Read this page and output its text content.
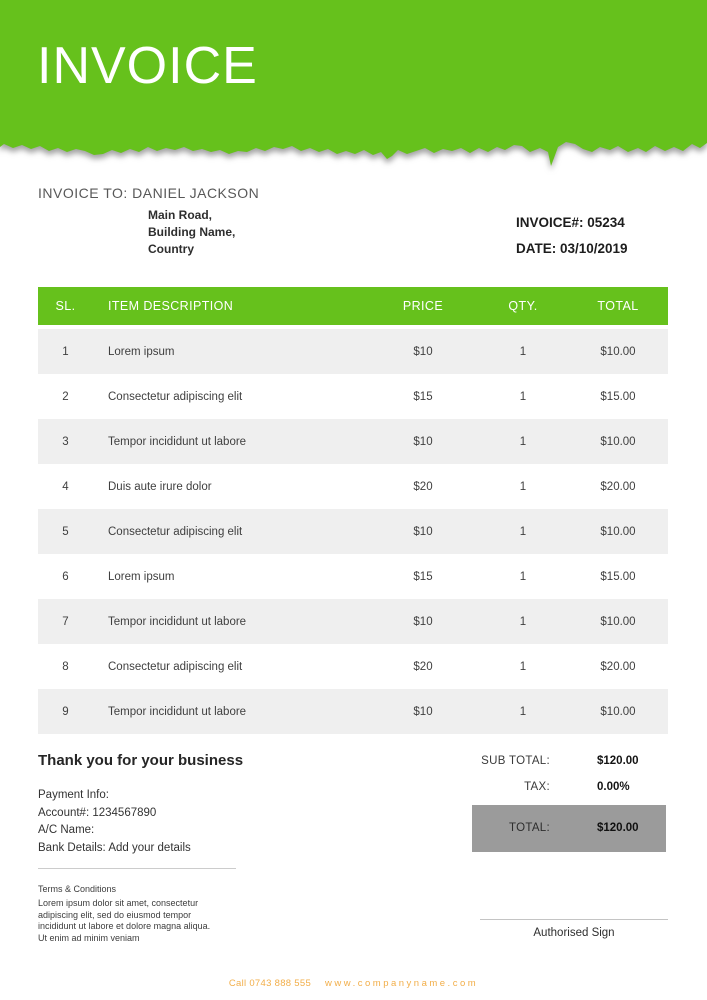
INVOICE
INVOICE TO: DANIEL JACKSON
Main Road,
Building Name,
Country
INVOICE#: 05234
DATE: 03/10/2019
SL.	ITEM DESCRIPTION	PRICE	QTY.	TOTAL
1	Lorem ipsum	$10	1	$10.00
2	Consectetur adipiscing elit	$15	1	$15.00
3	Tempor incididunt ut labore	$10	1	$10.00
4	Duis aute irure dolor	$20	1	$20.00
5	Consectetur adipiscing elit	$10	1	$10.00
6	Lorem ipsum	$15	1	$15.00
7	Tempor incididunt ut labore	$10	1	$10.00
8	Consectetur adipiscing elit	$20	1	$20.00
9	Tempor incididunt ut labore	$10	1	$10.00
Thank you for your business	SUB TOTAL:	$120.00
TAX:	0.00%
TOTAL:	$120.00
Payment Info:
Account#: 1234567890
A/C Name:
Bank Details: Add your details
Terms & Conditions
Lorem ipsum dolor sit amet, consectetur
adipiscing elit, sed do eiusmod tempor
incididunt ut labore et dolore magna aliqua.
Ut enim ad minim veniam	Authorised Sign
Call 0743 888 555 www.companyname.com
